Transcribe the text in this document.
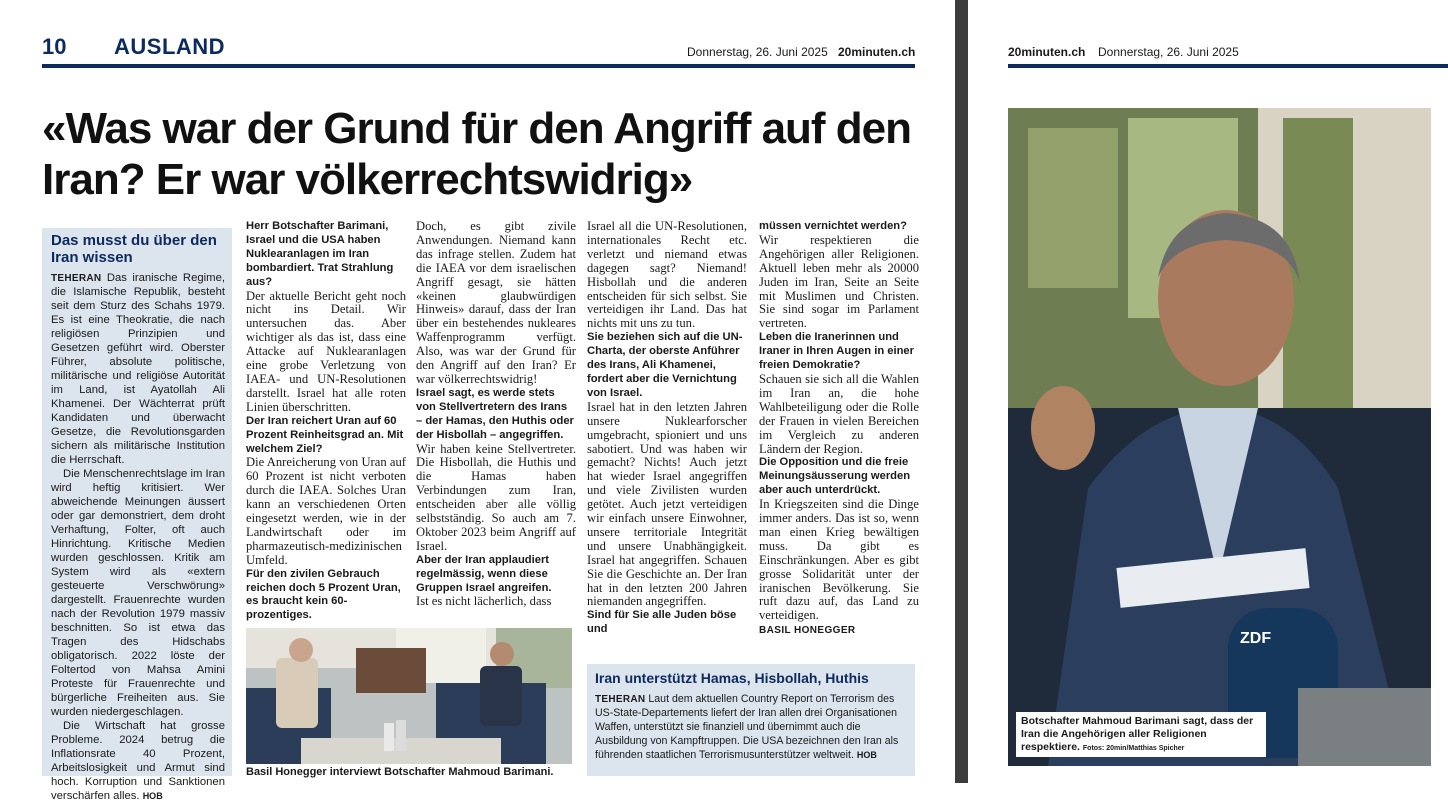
10 AUSLAND	Donnerstag, 26. Juni 2025 20minuten.ch
«Was war der Grund für den Angriff auf den Iran? Er war völkerrechtswidrig»
Das musst du über den Iran wissen

TEHERAN Das iranische Regime, die Islamische Republik, besteht seit dem Sturz des Schahs 1979. Es ist eine Theokratie, die nach religiösen Prinzipien und Gesetzen geführt wird. Oberster Führer, absolute politische, militärische und religiöse Autorität im Land, ist Ayatollah Ali Khamenei. Der Wächterrat prüft Kandidaten und überwacht Gesetze, die Revolutionsgarden sichern als militärische Institution die Herrschaft.

Die Menschenrechtslage im Iran wird heftig kritisiert. Wer abweichende Meinungen äussert oder gar demonstriert, dem droht Verhaftung, Folter, oft auch Hinrichtung. Kritische Medien wurden geschlossen. Kritik am System wird als «extern gesteuerte Verschwörung» dargestellt. Frauenrechte wurden nach der Revolution 1979 massiv beschnitten. So ist etwa das Tragen des Hidschabs obligatorisch. 2022 löste der Foltertod von Mahsa Amini Proteste für Frauenrechte und bürgerliche Freiheiten aus. Sie wurden niedergeschlagen.

Die Wirtschaft hat grosse Probleme. 2024 betrug die Inflationsrate 40 Prozent, Arbeitslosigkeit und Armut sind hoch. Korruption und Sanktionen verschärfen alles. HOB

Herr Botschafter Barimani, Israel und die USA haben Nuklearanlagen im Iran bombardiert. Trat Strahlung aus?
Der aktuelle Bericht geht noch nicht ins Detail. Wir untersuchen das. Aber wichtiger als das ist, dass eine Attacke auf Nuklearanlagen eine grobe Verletzung von IAEA- und UN-Resolutionen darstellt. Israel hat alle roten Linien überschritten.
Der Iran reichert Uran auf 60 Prozent Reinheitsgrad an. Mit welchem Ziel?
Die Anreicherung von Uran auf 60 Prozent ist nicht verboten durch die IAEA. Solches Uran kann an verschiedenen Orten eingesetzt werden, wie in der Landwirtschaft oder im pharmazeutisch-medizinischen Umfeld.
Für den zivilen Gebrauch reichen doch 5 Prozent Uran, es braucht kein 60-prozentiges.
Doch, es gibt zivile Anwendungen. Niemand kann das infrage stellen. Zudem hat die IAEA vor dem israelischen Angriff gesagt, sie hätten «keinen glaubwürdigen Hinweis» darauf, dass der Iran über ein bestehendes nukleares Waffenprogramm verfügt. Also, was war der Grund für den Angriff auf den Iran? Er war völkerrechtswidrig!
Israel sagt, es werde stets von Stellvertretern des Irans – der Hamas, den Huthis oder der Hisbollah – angegriffen.
Wir haben keine Stellvertreter. Die Hisbollah, die Huthis und die Hamas haben Verbindungen zum Iran, entscheiden aber alle völlig selbstständig. So auch am 7. Oktober 2023 beim Angriff auf Israel.
Aber der Iran applaudiert regelmässig, wenn diese Gruppen Israel angreifen.
Ist es nicht lächerlich, dass
Israel all die UN-Resolutionen, internationales Recht etc. verletzt und niemand etwas dagegen sagt? Niemand! Hisbollah und die anderen entscheiden für sich selbst. Sie verteidigen ihr Land. Das hat nichts mit uns zu tun.
Sie beziehen sich auf die UN-Charta, der oberste Anführer des Irans, Ali Khamenei, fordert aber die Vernichtung von Israel.
Israel hat in den letzten Jahren unsere Nuklearforscher umgebracht, spioniert und uns sabotiert. Und was haben wir gemacht? Nichts! Auch jetzt hat wieder Israel angegriffen und viele Zivilisten wurden getötet. Auch jetzt verteidigen wir einfach unsere Einwohner, unsere territoriale Integrität und unsere Unabhängigkeit. Israel hat angegriffen. Schauen Sie die Geschichte an. Der Iran hat in den letzten 200 Jahren niemanden angegriffen.
Sind für Sie alle Juden böse und
müssen vernichtet werden?
Wir respektieren die Angehörigen aller Religionen. Aktuell leben mehr als 20000 Juden im Iran, Seite an Seite mit Muslimen und Christen. Sie sind sogar im Parlament vertreten.
Leben die Iranerinnen und Iraner in Ihren Augen in einer freien Demokratie?
Schauen sie sich all die Wahlen im Iran an, die hohe Wahlbeteiligung oder die Rolle der Frauen in vielen Bereichen im Vergleich zu anderen Ländern der Region.
Die Opposition und die freie Meinungsäusserung werden aber auch unterdrückt.
In Kriegszeiten sind die Dinge immer anders. Das ist so, wenn man einen Krieg bewältigen muss. Da gibt es Einschränkungen. Aber es gibt grosse Solidarität unter der iranischen Bevölkerung. Sie ruft dazu auf, das Land zu verteidigen.
BASIL HONEGGER
Basil Honegger interviewt Botschafter Mahmoud Barimani.
Iran unterstützt Hamas, Hisbollah, Huthis

TEHERAN Laut dem aktuellen Country Report on Terrorism des US-State-Departements liefert der Iran allen drei Organisationen Waffen, unterstützt sie finanziell und übernimmt auch die Ausbildung von Kampftruppen. Die USA bezeichnen den Iran als führenden staatlichen Terrorismusunterstützer weltweit. HOB

20minuten.ch Donnerstag, 26. Juni 2025
ZDF
Botschafter Mahmoud Barimani sagt, dass der Iran die Angehörigen aller Religionen respektiere. Fotos: 20min/Matthias Spicher
